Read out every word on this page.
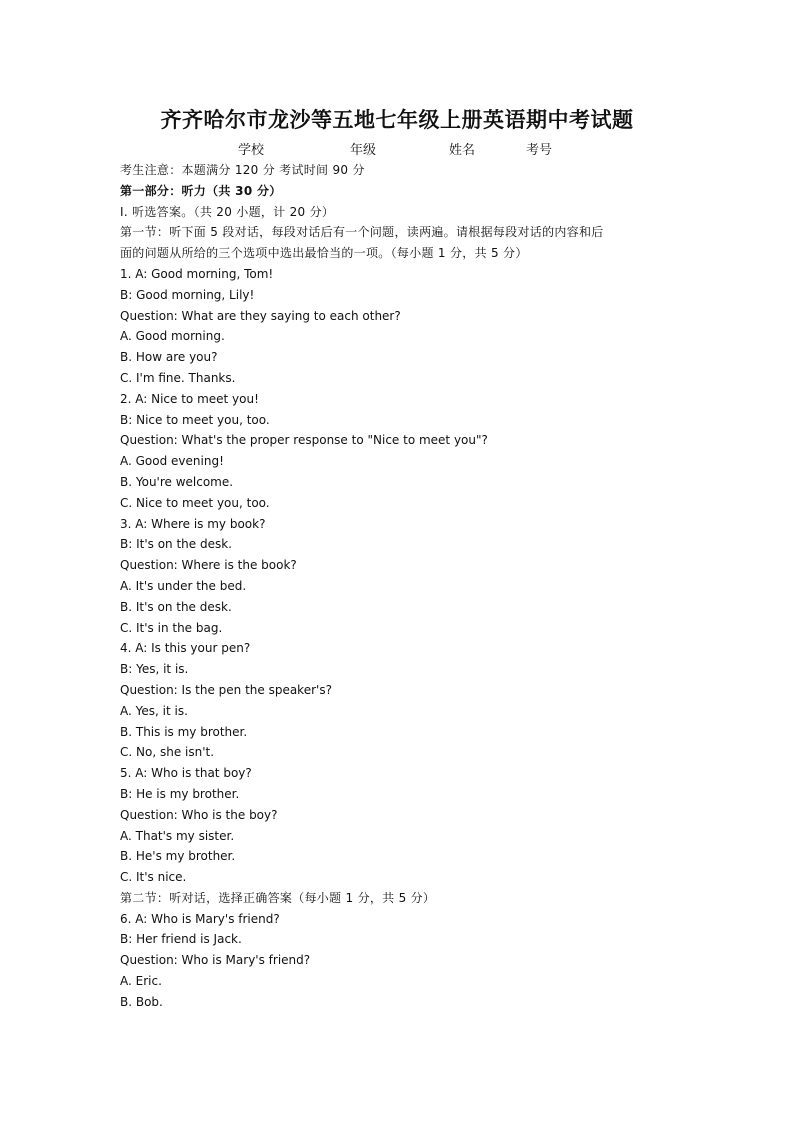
齐齐哈尔市龙沙等五地七年级上册英语期中考试题
学校	年级	姓名	考号
考生注意：本题满分 120 分 考试时间 90 分
第一部分：听力（共 30 分）
Ⅰ. 听选答案。（共 20 小题，计 20 分）
第一节：听下面 5 段对话，每段对话后有一个问题，读两遍。请根据每段对话的内容和后
面的问题从所给的三个选项中选出最恰当的一项。（每小题 1 分，共 5 分）
1. A: Good morning, Tom!
B: Good morning, Lily!
Question: What are they saying to each other?
A. Good morning.
B. How are you?
C. I'm fine. Thanks.
2. A: Nice to meet you!
B: Nice to meet you, too.
Question: What's the proper response to "Nice to meet you"?
A. Good evening!
B. You're welcome.
C. Nice to meet you, too.
3. A: Where is my book?
B: It's on the desk.
Question: Where is the book?
A. It's under the bed.
B. It's on the desk.
C. It's in the bag.
4. A: Is this your pen?
B: Yes, it is.
Question: Is the pen the speaker's?
A. Yes, it is.
B. This is my brother.
C. No, she isn't.
5. A: Who is that boy?
B: He is my brother.
Question: Who is the boy?
A. That's my sister.
B. He's my brother.
C. It's nice.
第二节：听对话，选择正确答案（每小题 1 分，共 5 分）
6. A: Who is Mary's friend?
B: Her friend is Jack.
Question: Who is Mary's friend?
A. Eric.
B. Bob.
